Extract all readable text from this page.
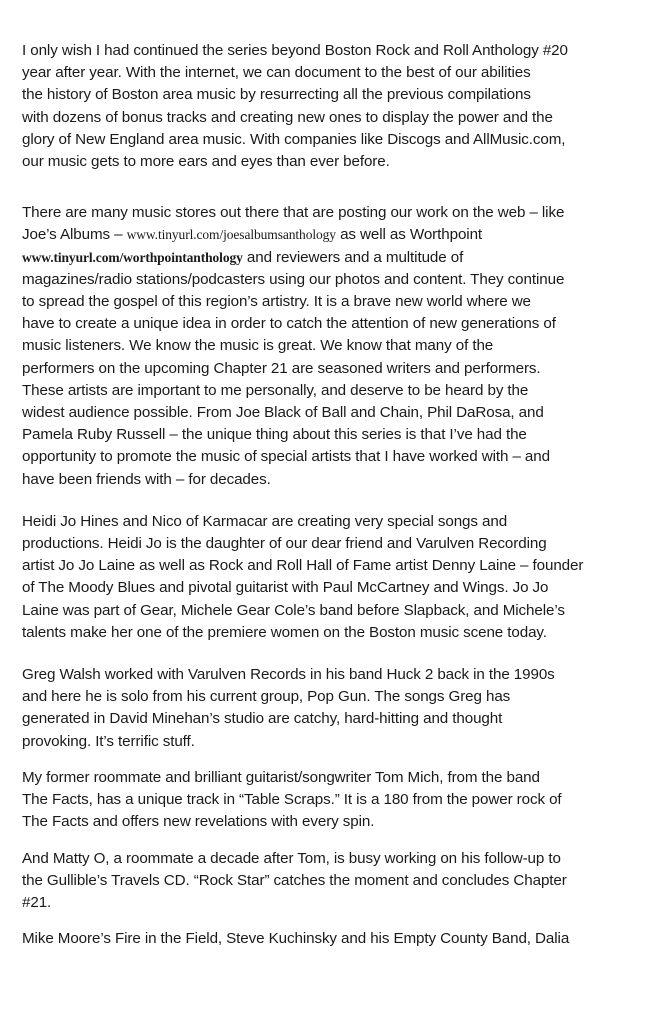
I only wish I had continued the series beyond Boston Rock and Roll Anthology #20
year after year. With the internet, we can document to the best of our abilities
the history of Boston area music by resurrecting all the previous compilations
with dozens of bonus tracks and creating new ones to display the power and the
glory of New England area music. With companies like Discogs and AllMusic.com,
our music gets to more ears and eyes than ever before.

There are many music stores out there that are posting our work on the web – like
Joe’s Albums – www.tinyurl.com/joesalbumsanthology as well as Worthpoint
www.tinyurl.com/worthpointanthology and reviewers and a multitude of
magazines/radio stations/podcasters using our photos and content. They continue
to spread the gospel of this region’s artistry. It is a brave new world where we
have to create a unique idea in order to catch the attention of new generations of
music listeners. We know the music is great. We know that many of the
performers on the upcoming Chapter 21 are seasoned writers and performers.
These artists are important to me personally, and deserve to be heard by the
widest audience possible. From Joe Black of Ball and Chain, Phil DaRosa, and
Pamela Ruby Russell – the unique thing about this series is that I’ve had the
opportunity to promote the music of special artists that I have worked with – and
have been friends with – for decades.

Heidi Jo Hines and Nico of Karmacar are creating very special songs and
productions. Heidi Jo is the daughter of our dear friend and Varulven Recording
artist Jo Jo Laine as well as Rock and Roll Hall of Fame artist Denny Laine – founder
of The Moody Blues and pivotal guitarist with Paul McCartney and Wings. Jo Jo
Laine was part of Gear, Michele Gear Cole’s band before Slapback, and Michele’s
talents make her one of the premiere women on the Boston music scene today.

Greg Walsh worked with Varulven Records in his band Huck 2 back in the 1990s
and here he is solo from his current group, Pop Gun. The songs Greg has
generated in David Minehan’s studio are catchy, hard-hitting and thought
provoking. It’s terrific stuff.

My former roommate and brilliant guitarist/songwriter Tom Mich, from the band
The Facts, has a unique track in “Table Scraps.” It is a 180 from the power rock of
The Facts and offers new revelations with every spin.

And Matty O, a roommate a decade after Tom, is busy working on his follow-up to
the Gullible’s Travels CD. “Rock Star” catches the moment and concludes Chapter
#21.

Mike Moore’s Fire in the Field, Steve Kuchinsky and his Empty County Band, Dalia
